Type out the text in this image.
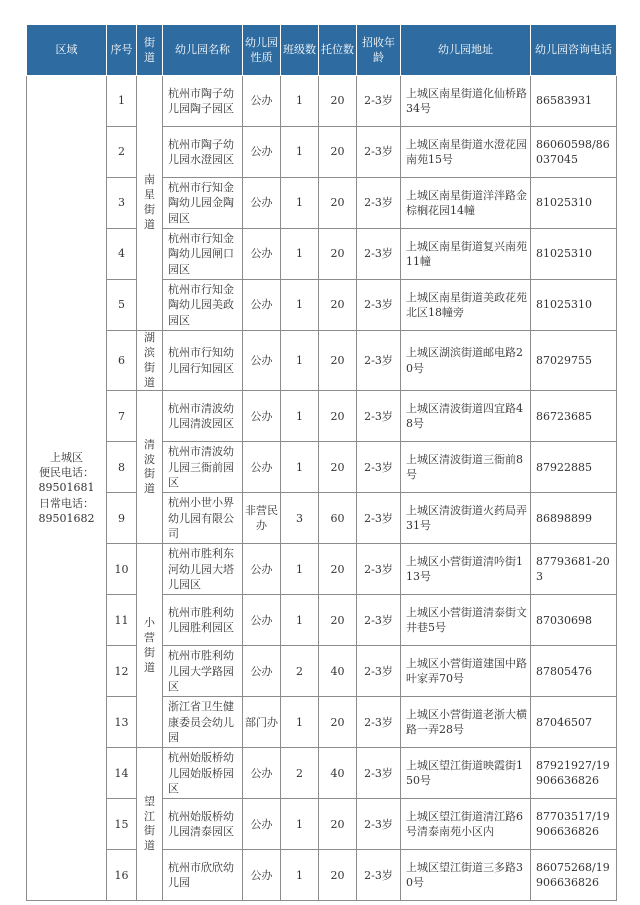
区域	序号	街道	幼儿园名称	幼儿园性质	班级数	托位数	招收年龄	幼儿园地址	幼儿园咨询电话
上城区
便民电话：
89501681
日常电话：
89501682	1	南星街道	杭州市陶子幼儿园陶子园区	公办	1	20	2-3岁	上城区南星街道化仙桥路34号	86583931
	2		杭州市陶子幼儿园水澄园区	公办	1	20	2-3岁	上城区南星街道水澄花园南苑15号	86060598/86037045
	3		杭州市行知金陶幼儿园金陶园区	公办	1	20	2-3岁	上城区南星街道洋泮路金棕榈花园14幢	81025310
	4		杭州市行知金陶幼儿园闸口园区	公办	1	20	2-3岁	上城区南星街道复兴南苑11幢	81025310
	5		杭州市行知金陶幼儿园美政园区	公办	1	20	2-3岁	上城区南星街道美政花苑北区18幢旁	81025310
	6	湖滨街道	杭州市行知幼儿园行知园区	公办	1	20	2-3岁	上城区湖滨街道邮电路20号	87029755
	7	清波街道	杭州市清波幼儿园清波园区	公办	1	20	2-3岁	上城区清波街道四宜路48号	86723685
	8		杭州市清波幼儿园三衙前园区	公办	1	20	2-3岁	上城区清波街道三衙前8号	87922885
	9		杭州小世小界幼儿园有限公司	非营民办	3	60	2-3岁	上城区清波街道火药局弄31号	86898899
	10	小营街道	杭州市胜利东河幼儿园大塔儿园区	公办	1	20	2-3岁	上城区小营街道清吟街113号	87793681-203
	11		杭州市胜利幼儿园胜利园区	公办	1	20	2-3岁	上城区小营街道清泰街文井巷5号	87030698
	12		杭州市胜利幼儿园大学路园区	公办	2	40	2-3岁	上城区小营街道建国中路叶家弄70号	87805476
	13		浙江省卫生健康委员会幼儿园	部门办	1	20	2-3岁	上城区小营街道老浙大横路一弄28号	87046507
	14	望江街道	杭州始版桥幼儿园始版桥园区	公办	2	40	2-3岁	上城区望江街道映霞街150号	87921927/19906636826
	15		杭州始版桥幼儿园清泰园区	公办	1	20	2-3岁	上城区望江街道清江路6号清泰南苑小区内	87703517/19906636826
	16		杭州市欣欣幼儿园	公办	1	20	2-3岁	上城区望江街道三多路30号	86075268/19906636826
